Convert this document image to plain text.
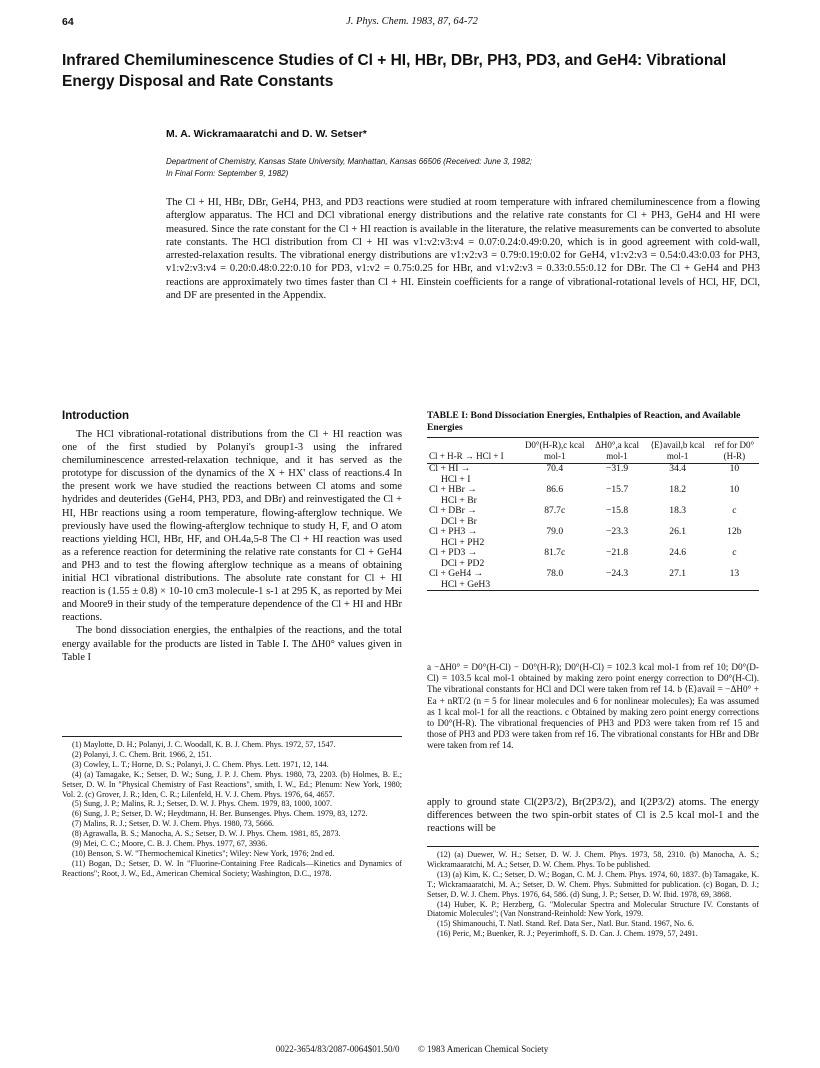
64	J. Phys. Chem. 1983, 87, 64-72
Infrared Chemiluminescence Studies of Cl + HI, HBr, DBr, PH3, PD3, and GeH4: Vibrational Energy Disposal and Rate Constants
M. A. Wickramaaratchi and D. W. Setser*
Department of Chemistry, Kansas State University, Manhattan, Kansas 66506 (Received: June 3, 1982;
In Final Form: September 9, 1982)

The Cl + HI, HBr, DBr, GeH4, PH3, and PD3 reactions were studied at room temperature with infrared chemiluminescence from a flowing afterglow apparatus. The HCl and DCl vibrational energy distributions and the relative rate constants for Cl + PH3, GeH4 and HI were measured. Since the rate constant for the Cl + HI reaction is available in the literature, the relative measurements can be converted to absolute rate constants. The HCl distribution from Cl + HI was v1:v2:v3:v4 = 0.07:0.24:0.49:0.20, which is in good agreement with cold-wall, arrested-relaxation results. The vibrational energy distributions are v1:v2:v3 = 0.79:0.19:0.02 for GeH4, v1:v2:v3 = 0.54:0.43:0.03 for PH3, v1:v2:v3:v4 = 0.20:0.48:0.22:0.10 for PD3, v1:v2 = 0.75:0.25 for HBr, and v1:v2:v3 = 0.33:0.55:0.12 for DBr. The Cl + GeH4 and PH3 reactions are approximately two times faster than Cl + HI. Einstein coefficients for a range of vibrational-rotational levels of HCl, HF, DCl, and DF are presented in the Appendix.

Introduction

The HCl vibrational-rotational distributions from the Cl + HI reaction was one of the first studied by Polanyi's group1-3 using the infrared chemiluminescence arrested-relaxation technique, and it has served as the prototype for discussion of the dynamics of the X + HX' class of reactions.4 In the present work we have studied the reactions between Cl atoms and some hydrides and deuterides (GeH4, PH3, PD3, and DBr) and reinvestigated the Cl + HI, HBr reactions using a room temperature, flowing-afterglow technique. We previously have used the flowing-afterglow technique to study H, F, and O atom reactions yielding HCl, HBr, HF, and OH.4a,5-8 The Cl + HI reaction was used as a reference reaction for determining the relative rate constants for Cl + GeH4 and PH3 and to test the flowing afterglow technique as a means of obtaining initial HCl vibrational distributions. The absolute rate constant for Cl + HI reaction is (1.55 ± 0.8) × 10-10 cm3 molecule-1 s-1 at 295 K, as reported by Mei and Moore9 in their study of the temperature dependence of the Cl + HI and HBr reactions.

The bond dissociation energies, the enthalpies of the reactions, and the total energy available for the products are listed in Table I. The ΔH0° values given in Table I

(1) Maylotte, D. H.; Polanyi, J. C. Woodall, K. B. J. Chem. Phys. 1972, 57, 1547.
(2) Polanyi, J. C. Chem. Brit. 1966, 2, 151.
(3) Cowley, L. T.; Horne, D. S.; Polanyi, J. C. Chem. Phys. Lett. 1971, 12, 144.
(4) (a) Tamagake, K.; Setser, D. W.; Sung, J. P. J. Chem. Phys. 1980, 73, 2203. (b) Holmes, B. E.; Setser, D. W. In "Physical Chemistry of Fast Reactions", smith, I. W., Ed.; Plenum: New York, 1980; Vol. 2. (c) Grover, J. R.; Iden, C. R.; Lilenfeld, H. V. J. Chem. Phys. 1976, 64, 4657.
(5) Sung, J. P.; Malins, R. J.; Setser, D. W. J. Phys. Chem. 1979, 83, 1000, 1007.
(6) Sung, J. P.; Setser, D. W.; Heydtmann, H. Ber. Bunsenges. Phys. Chem. 1979, 83, 1272.
(7) Malins, R. J.; Setser, D. W. J. Chem. Phys. 1980, 73, 5666.
(8) Agrawalla, B. S.; Manocha, A. S.; Setser, D. W. J. Phys. Chem. 1981, 85, 2873.
(9) Mei, C. C.; Moore, C. B. J. Chem. Phys. 1977, 67, 3936.
(10) Benson, S. W. "Thermochemical Kinetics"; Wiley: New York, 1976; 2nd ed.
(11) Bogan, D.; Setser, D. W. In "Fluorine-Containing Free Radicals—Kinetics and Dynamics of Reactions"; Root, J. W., Ed., American Chemical Society; Washington, D.C., 1978.
TABLE I: Bond Dissociation Energies, Enthalpies of Reaction, and Available Energies
Cl + H-R → HCl + I	D0°(H-R),c kcal mol-1	ΔH0°,a kcal mol-1	⟨E⟩avail,b kcal mol-1	ref for D0°(H-R)

Cl + HI →
HCl + I	70.4	−31.9	34.4	10

Cl + HBr →
HCl + Br	86.6	−15.7	18.2	10

Cl + DBr →
DCl + Br	87.7c	−15.8	18.3	c

Cl + PH3 →
HCl + PH2	79.0	−23.3	26.1	12b

Cl + PD3 →
DCl + PD2	81.7c	−21.8	24.6	c

Cl + GeH4 →
HCl + GeH3	78.0	−24.3	27.1	13
a −ΔH0° = D0°(H-Cl) − D0°(H-R); D0°(H-Cl) = 102.3 kcal mol-1 from ref 10; D0°(D-Cl) = 103.5 kcal mol-1 obtained by making zero point energy correction to D0°(H-Cl). The vibrational constants for HCl and DCl were taken from ref 14. b ⟨E⟩avail = −ΔH0° + Ea + nRT/2 (n = 5 for linear molecules and 6 for nonlinear molecules); Ea was assumed as 1 kcal mol-1 for all the reactions. c Obtained by making zero point energy corrections to D0°(H-R). The vibrational frequencies of PH3 and PD3 were taken from ref 15 and those of PH3 and PD3 were taken from ref 16. The vibrational constants for HBr and DBr were taken from ref 14.

apply to ground state Cl(2P3/2), Br(2P3/2), and I(2P3/2) atoms. The energy differences between the two spin-orbit states of Cl is 2.5 kcal mol-1 and the reactions will be

(12) (a) Duewer, W. H.; Setser, D. W. J. Chem. Phys. 1973, 58, 2310. (b) Manocha, A. S.; Wickramaaratchi, M. A.; Setser, D. W. Chem. Phys. To be published.
(13) (a) Kim, K. C.; Setser, D. W.; Bogan, C. M. J. Chem. Phys. 1974, 60, 1837. (b) Tamagake, K. T.; Wickramaaratchi, M. A.; Setser, D. W. Chem. Phys. Submitted for publication. (c) Bogan, D. J.; Setser, D. W. J. Chem. Phys. 1976, 64, 586. (d) Sung, J. P.; Setser, D. W. Ibid. 1978, 69, 3868.
(14) Huber, K. P.; Herzberg, G. "Molecular Spectra and Molecular Structure IV. Constants of Diatomic Molecules"; (Van Nonstrand-Reinhold: New York, 1979.
(15) Shimanouchi, T. Natl. Stand. Ref. Data Ser., Natl. Bur. Stand. 1967, No. 6.
(16) Peric, M.; Buenker, R. J.; Peyerimhoff, S. D. Can. J. Chem. 1979, 57, 2491.
0022-3654/83/2087-0064$01.50/0 © 1983 American Chemical Society
